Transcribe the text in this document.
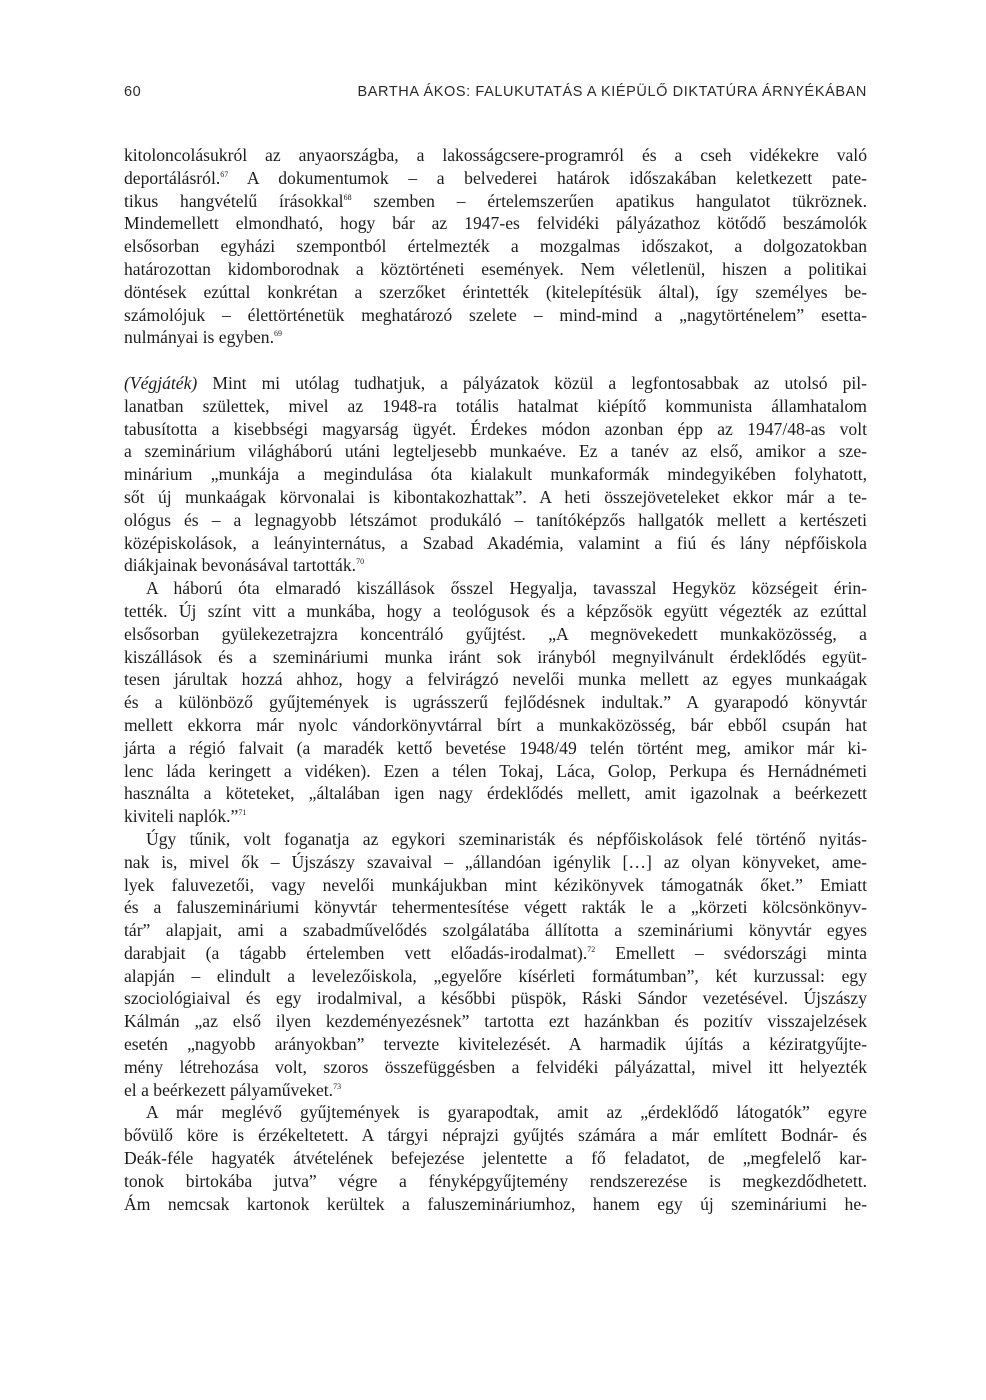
60	BARTHA ÁKOS: FALUKUTATÁS A KIÉPÜLŐ DIKTATÚRA ÁRNYÉKÁBAN
kitoloncolásukról az anyaországba, a lakosságcsere-programról és a cseh vidékekre való
deportálásról.$^{67}$ A dokumentumok – a belvederei határok időszakában keletkezett pate-
tikus hangvételű írásokkal$^{68}$ szemben – értelemszerűen apatikus hangulatot tükröznek.
Mindemellett elmondható, hogy bár az 1947-es felvidéki pályázathoz kötődő beszámolók
elsősorban egyházi szempontból értelmezték a mozgalmas időszakot, a dolgozatokban
határozottan kidomborodnak a köztörténeti események. Nem véletlenül, hiszen a politikai
döntések ezúttal konkrétan a szerzőket érintették (kitelepítésük által), így személyes be-
számolójuk – élettörténetük meghatározó szelete – mind-mind a „nagytörténelem” esetta-
nulmányai is egyben.$^{69}$
(Végjáték) Mint mi utólag tudhatjuk, a pályázatok közül a legfontosabbak az utolsó pil-
lanatban születtek, mivel az 1948-ra totális hatalmat kiépítő kommunista államhatalom
tabusította a kisebbségi magyarság ügyét. Érdekes módon azonban épp az 1947/48-as volt
a szeminárium világháború utáni legteljesebb munkaéve. Ez a tanév az első, amikor a sze-
minárium „munkája a megindulása óta kialakult munkaformák mindegyikében folyhatott,
sőt új munkaágak körvonalai is kibontakozhattak”. A heti összejöveteleket ekkor már a te-
ológus és – a legnagyobb létszámot produkáló – tanítóképzős hallgatók mellett a kertészeti
középiskolások, a leányinternátus, a Szabad Akadémia, valamint a fiú és lány népfőiskola
diákjainak bevonásával tartották.$^{70}$
A háború óta elmaradó kiszállások ősszel Hegyalja, tavasszal Hegyköz községeit érin-
tették. Új színt vitt a munkába, hogy a teológusok és a képzősök együtt végezték az ezúttal
elsősorban gyülekezetrajzra koncentráló gyűjtést. „A megnövekedett munkaközösség, a
kiszállások és a szemináriumi munka iránt sok irányból megnyilvánult érdeklődés együt-
tesen járultak hozzá ahhoz, hogy a felvirágzó nevelői munka mellett az egyes munkaágak
és a különböző gyűjtemények is ugrásszerű fejlődésnek indultak.” A gyarapodó könyvtár
mellett ekkorra már nyolc vándorkönyvtárral bírt a munkaközösség, bár ebből csupán hat
járta a régió falvait (a maradék kettő bevetése 1948/49 telén történt meg, amikor már ki-
lenc láda keringett a vidéken). Ezen a télen Tokaj, Láca, Golop, Perkupa és Hernádnémeti
használta a köteteket, „általában igen nagy érdeklődés mellett, amit igazolnak a beérkezett
kiviteli naplók.”$^{71}$
Úgy tűnik, volt foganatja az egykori szeminaristák és népfőiskolások felé történő nyitás-
nak is, mivel ők – Újszászy szavaival – „állandóan igénylik […] az olyan könyveket, ame-
lyek faluvezetői, vagy nevelői munkájukban mint kézikönyvek támogatnák őket.” Emiatt
és a faluszemináriumi könyvtár tehermentesítése végett rakták le a „körzeti kölcsönkönyv-
tár” alapjait, ami a szabadművelődés szolgálatába állította a szemináriumi könyvtár egyes
darabjait (a tágabb értelemben vett előadás-irodalmat).$^{72}$ Emellett – svédországi minta
alapján – elindult a levelezőiskola, „egyelőre kísérleti formátumban”, két kurzussal: egy
szociológiaival és egy irodalmival, a későbbi püspök, Ráski Sándor vezetésével. Újszászy
Kálmán „az első ilyen kezdeményezésnek” tartotta ezt hazánkban és pozitív visszajelzések
esetén „nagyobb arányokban” tervezte kivitelezését. A harmadik újítás a kéziratgyűjte-
mény létrehozása volt, szoros összefüggésben a felvidéki pályázattal, mivel itt helyezték
el a beérkezett pályaműveket.$^{73}$
A már meglévő gyűjtemények is gyarapodtak, amit az „érdeklődő látogatók” egyre
bővülő köre is érzékeltetett. A tárgyi néprajzi gyűjtés számára a már említett Bodnár- és
Deák-féle hagyaték átvételének befejezése jelentette a fő feladatot, de „megfelelő kar-
tonok birtokába jutva” végre a fényképgyűjtemény rendszerezése is megkezdődhetett.
Ám nemcsak kartonok kerültek a faluszemináriumhoz, hanem egy új szemináriumi he-
